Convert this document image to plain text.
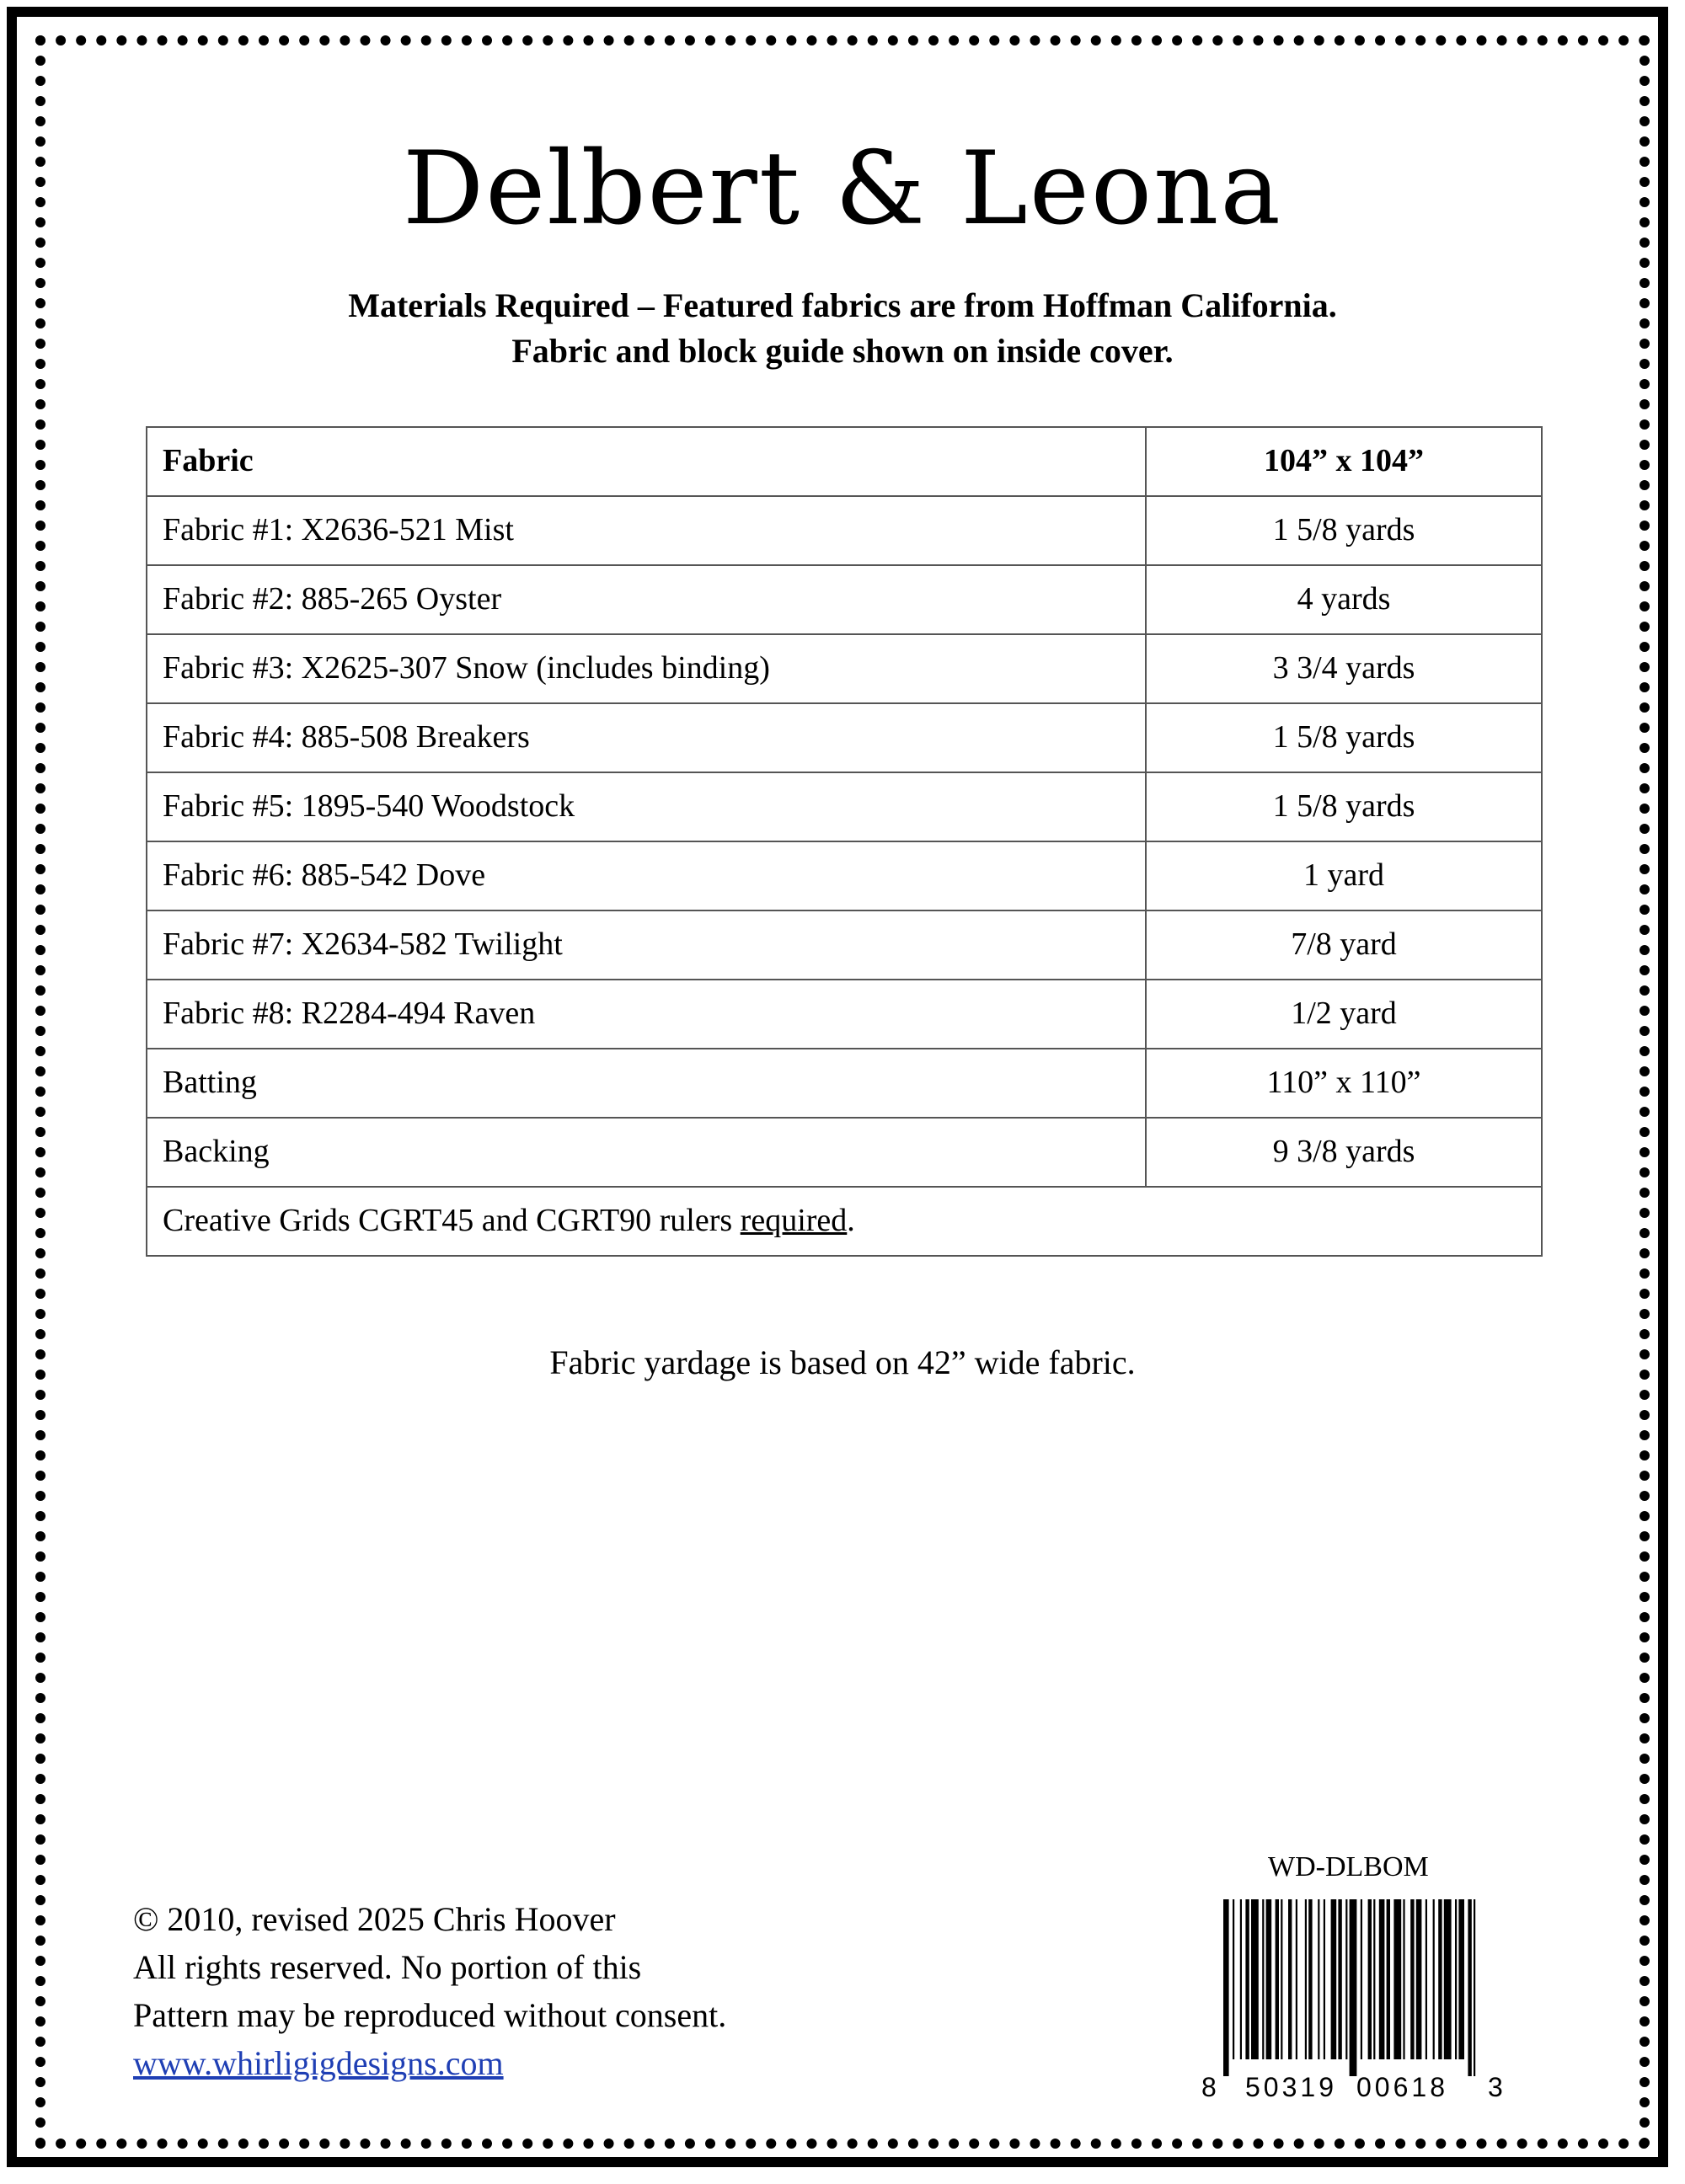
Delbert & Leona
Materials Required – Featured fabrics are from Hoffman California.
Fabric and block guide shown on inside cover.
Fabric	104” x 104”
Fabric #1: X2636-521 Mist	1 5/8 yards
Fabric #2: 885-265 Oyster	4 yards
Fabric #3: X2625-307 Snow (includes binding)	3 3/4 yards
Fabric #4: 885-508 Breakers	1 5/8 yards
Fabric #5: 1895-540 Woodstock	1 5/8 yards
Fabric #6: 885-542 Dove	1 yard
Fabric #7: X2634-582 Twilight	7/8 yard
Fabric #8: R2284-494 Raven	1/2 yard
Batting	110” x 110”
Backing	9 3/8 yards
Creative Grids CGRT45 and CGRT90 rulers required.	
Fabric yardage is based on 42” wide fabric.
© 2010, revised 2025 Chris Hoover
All rights reserved. No portion of this
Pattern may be reproduced without consent.
www.whirligigdesigns.com
WD-DLBOM
8 50319 00618 3
